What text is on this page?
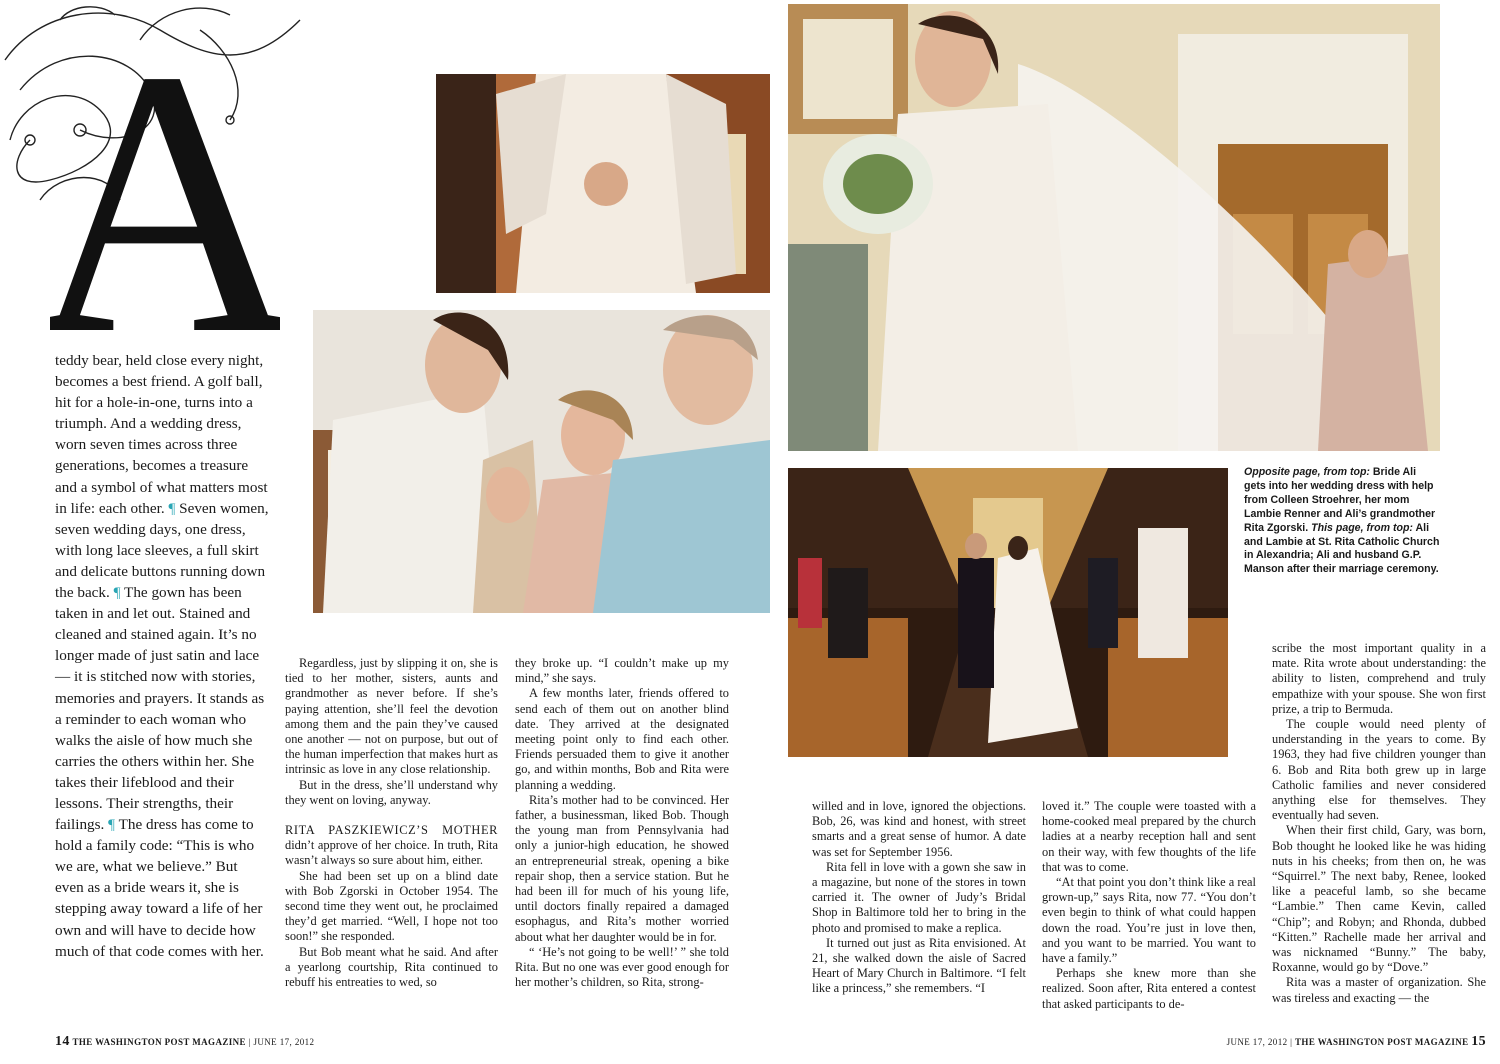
A

teddy bear, held close every night, becomes a best friend. A golf ball, hit for a hole-in-one, turns into a triumph. And a wedding dress, worn seven times across three generations, becomes a treasure and a symbol of what matters most in life: each other. ¶ Seven women, seven wedding days, one dress, with long lace sleeves, a full skirt and delicate buttons running down the back. ¶ The gown has been taken in and let out. Stained and cleaned and stained again. It’s no longer made of just satin and lace — it is stitched now with stories, memories and prayers. It stands as a reminder to each woman who walks the aisle of how much she carries the others within her. She takes their lifeblood and their lessons. Their strengths, their failings. ¶ The dress has come to hold a family code: “This is who we are, what we believe.” But even as a bride wears it, she is stepping away toward a life of her own and will have to decide how much of that code comes with her.

Opposite page, from top: Bride Ali gets into her wedding dress with help from Colleen Stroehrer, her mom Lambie Renner and Ali’s grandmother Rita Zgorski. This page, from top: Ali and Lambie at St. Rita Catholic Church in Alexandria; Ali and husband G.P. Manson after their marriage ceremony.

Regardless, just by slipping it on, she is tied to her mother, sisters, aunts and grandmother as never before. If she’s paying attention, she’ll feel the devotion among them and the pain they’ve caused one another — not on purpose, but out of the human imperfection that makes hurt as intrinsic as love in any close relationship.

But in the dress, she’ll understand why they went on loving, anyway.

RITA PASZKIEWICZ’S MOTHER didn’t approve of her choice. In truth, Rita wasn’t always so sure about him, either.

She had been set up on a blind date with Bob Zgorski in October 1954. The second time they went out, he proclaimed they’d get married. “Well, I hope not too soon!” she responded.

But Bob meant what he said. And after a yearlong courtship, Rita continued to rebuff his entreaties to wed, so

they broke up. “I couldn’t make up my mind,” she says.

A few months later, friends offered to send each of them out on another blind date. They arrived at the designated meeting point only to find each other. Friends persuaded them to give it another go, and within months, Bob and Rita were planning a wedding.

Rita’s mother had to be convinced. Her father, a businessman, liked Bob. Though the young man from Pennsylvania had only a junior-high education, he showed an entrepreneurial streak, opening a bike repair shop, then a service station. But he had been ill for much of his young life, until doctors finally repaired a damaged esophagus, and Rita’s mother worried about what her daughter would be in for.

“ ‘He’s not going to be well!’ ” she told Rita. But no one was ever good enough for her mother’s children, so Rita, strong-

willed and in love, ignored the objections. Bob, 26, was kind and honest, with street smarts and a great sense of humor. A date was set for September 1956.

Rita fell in love with a gown she saw in a magazine, but none of the stores in town carried it. The owner of Judy’s Bridal Shop in Baltimore told her to bring in the photo and promised to make a replica.

It turned out just as Rita envisioned. At 21, she walked down the aisle of Sacred Heart of Mary Church in Baltimore. “I felt like a princess,” she remembers. “I

loved it.” The couple were toasted with a home-cooked meal prepared by the church ladies at a nearby reception hall and sent on their way, with few thoughts of the life that was to come.

“At that point you don’t think like a real grown-up,” says Rita, now 77. “You don’t even begin to think of what could happen down the road. You’re just in love then, and you want to be married. You want to have a family.”

Perhaps she knew more than she realized. Soon after, Rita entered a contest that asked participants to de-

scribe the most important quality in a mate. Rita wrote about understanding: the ability to listen, comprehend and truly empathize with your spouse. She won first prize, a trip to Bermuda.

The couple would need plenty of understanding in the years to come. By 1963, they had five children younger than 6. Bob and Rita both grew up in large Catholic families and never considered anything else for themselves. They eventually had seven.

When their first child, Gary, was born, Bob thought he looked like he was hiding nuts in his cheeks; from then on, he was “Squirrel.” The next baby, Renee, looked like a peaceful lamb, so she became “Lambie.” Then came Kevin, called “Chip”; and Robyn; and Rhonda, dubbed “Kitten.” Rachelle made her arrival and was nicknamed “Bunny.” The baby, Roxanne, would go by “Dove.”

Rita was a master of organization. She was tireless and exacting — the

14 THE WASHINGTON POST MAGAZINE | JUNE 17, 2012	JUNE 17, 2012 | THE WASHINGTON POST MAGAZINE 15
